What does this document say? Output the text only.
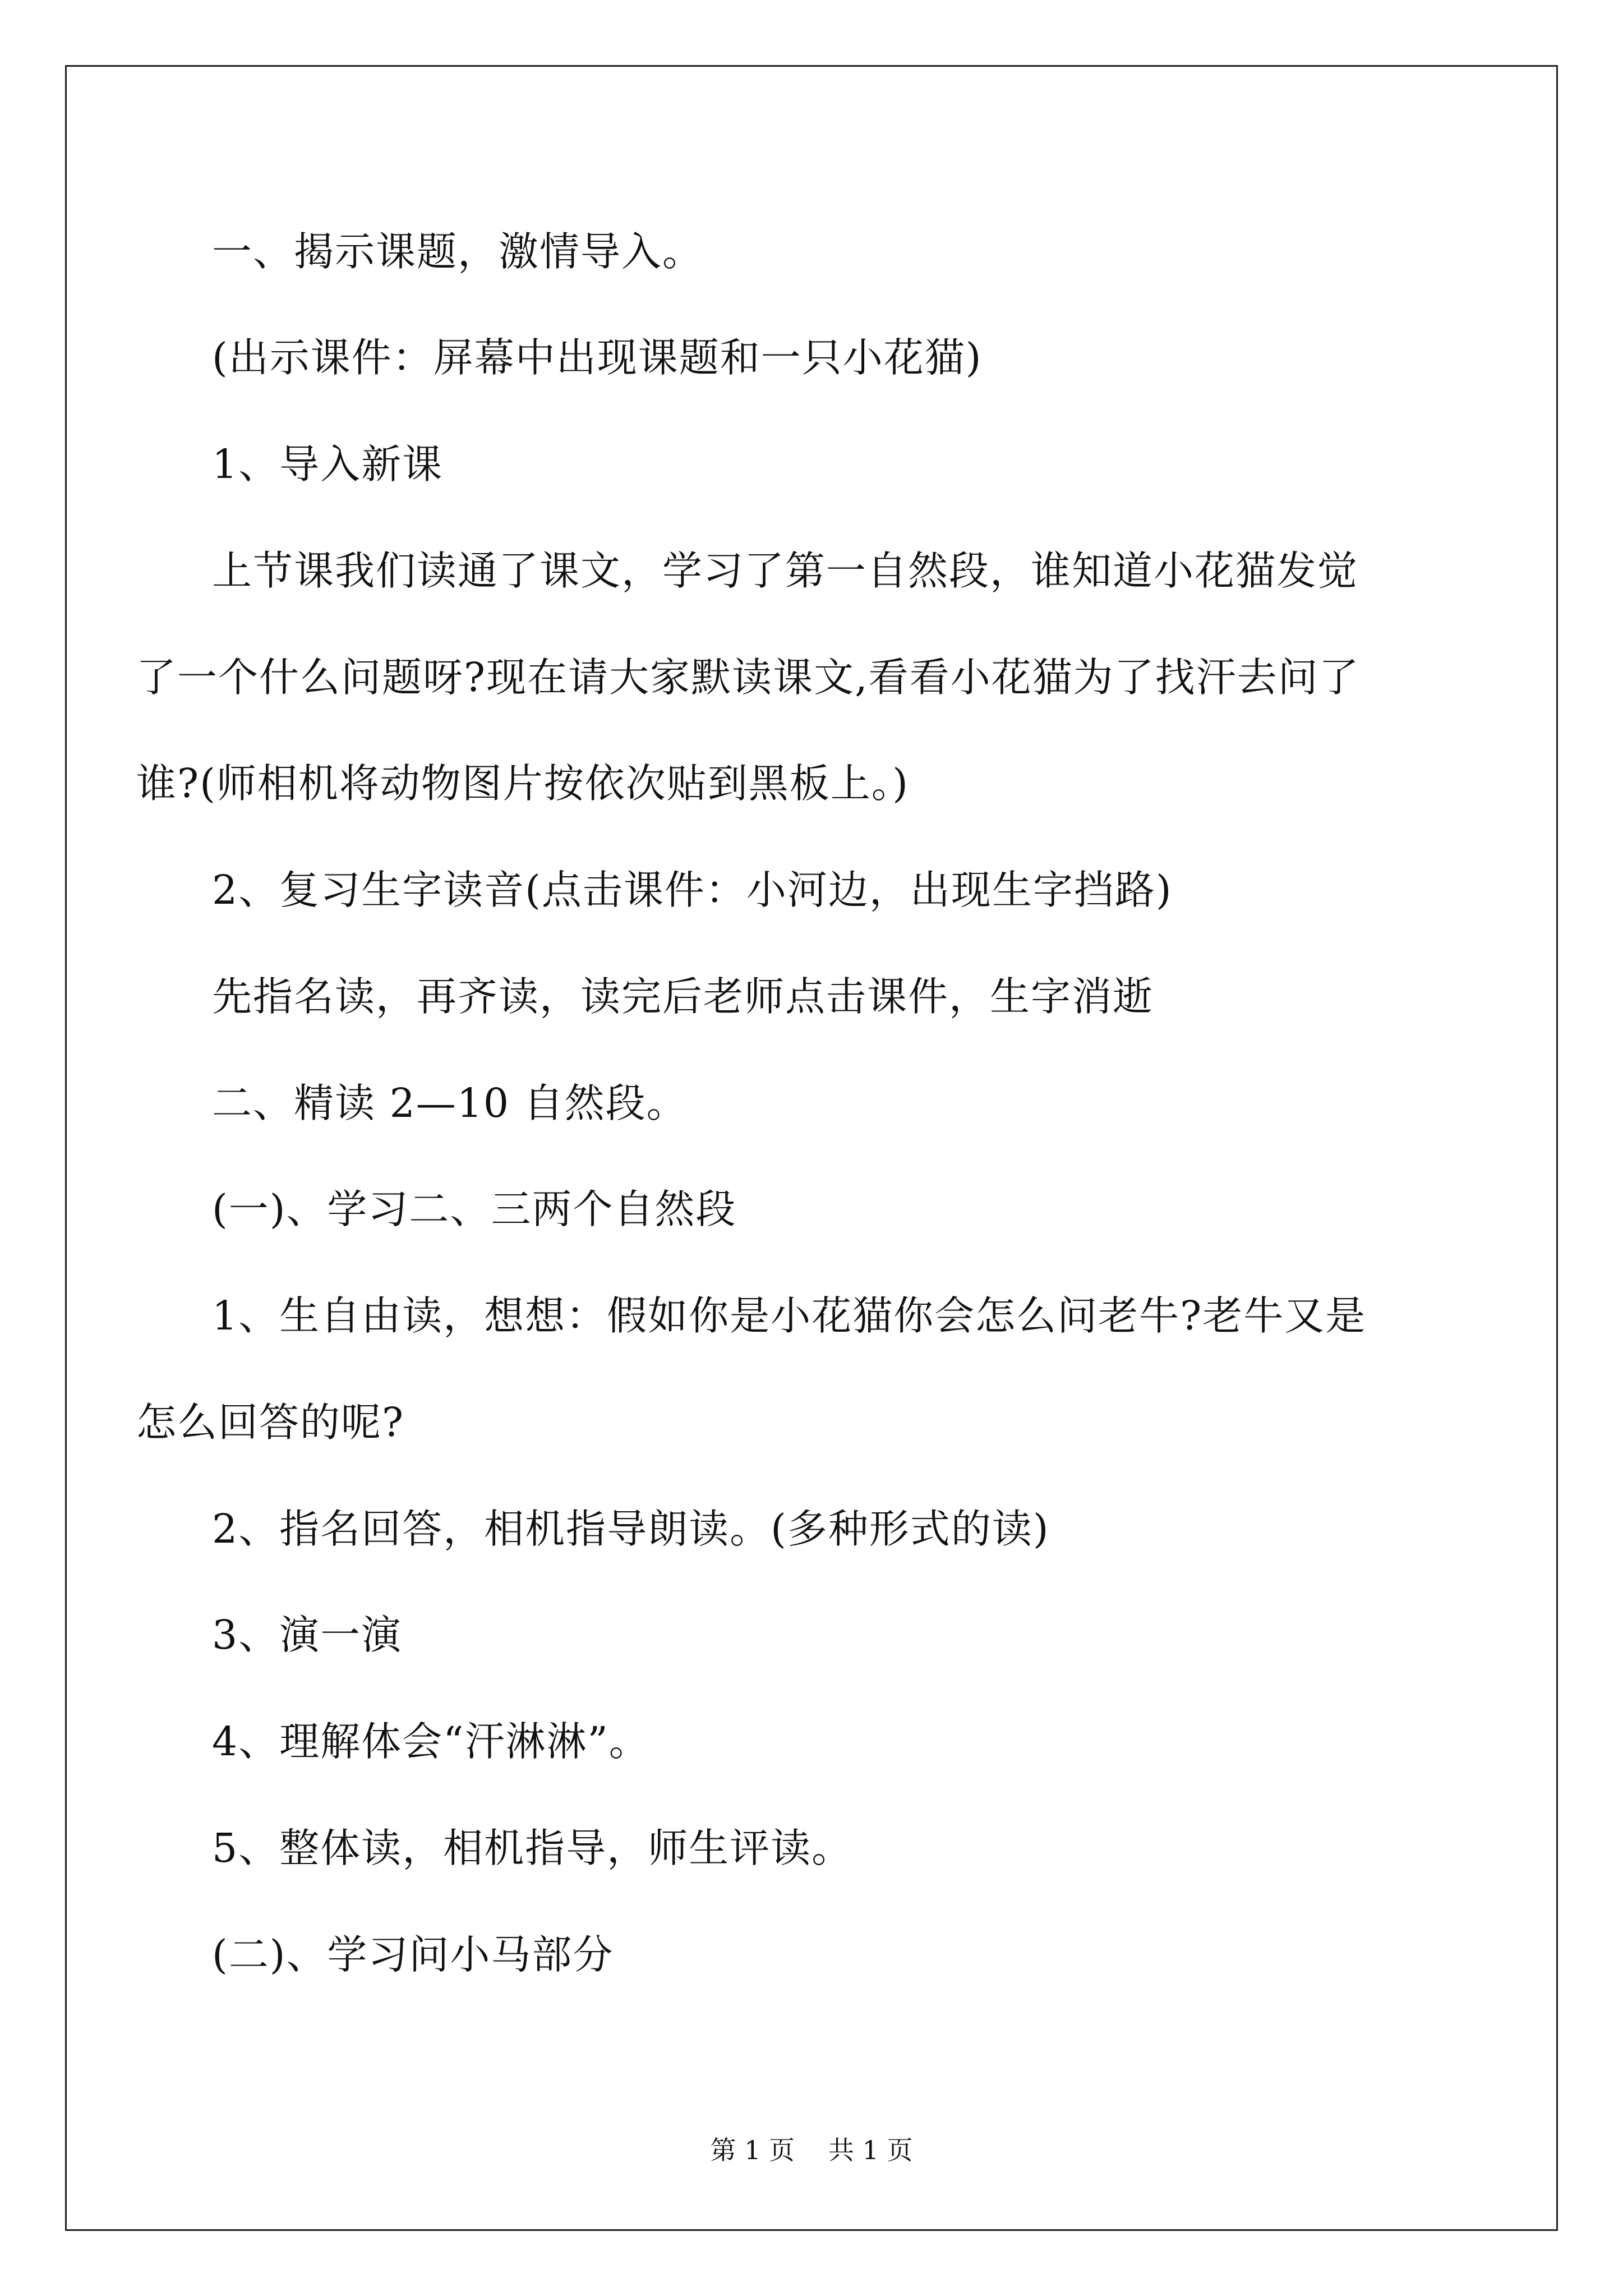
一、揭示课题，激情导入。
(出示课件：屏幕中出现课题和一只小花猫)
1、导入新课
上节课我们读通了课文，学习了第一自然段，谁知道小花猫发觉
了一个什么问题呀?现在请大家默读课文,看看小花猫为了找汗去问了
谁?(师相机将动物图片按依次贴到黑板上。)
2、复习生字读音(点击课件：小河边，出现生字挡路)
先指名读，再齐读，读完后老师点击课件，生字消逝
二、精读 2—10 自然段。
(一)、学习二、三两个自然段
1、生自由读，想想：假如你是小花猫你会怎么问老牛?老牛又是
怎么回答的呢?
2、指名回答，相机指导朗读。(多种形式的读)
3、演一演
4、理解体会“汗淋淋”。
5、整体读，相机指导，师生评读。
(二)、学习问小马部分
第 1 页 共 1 页
